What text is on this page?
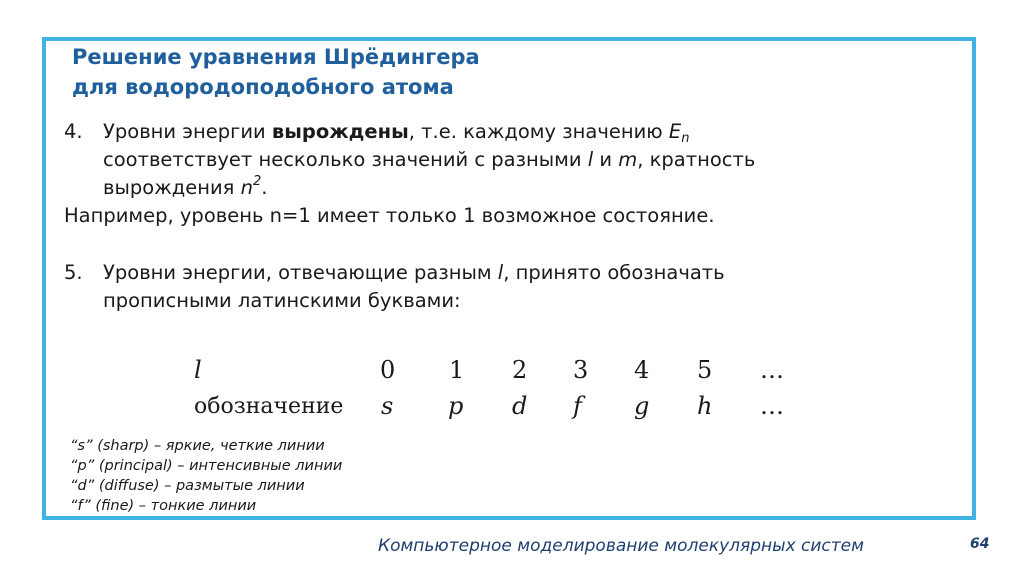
Решение уравнения Шрёдингера
для водородоподобного атома
4. Уровни энергии вырождены, т.е. каждому значению $E_n$
соответствует несколько значений с разными l и m, кратность
вырождения $n^2$.
Например, уровень n=1 имеет только 1 возможное состояние.
5. Уровни энергии, отвечающие разным l, принято обозначать
прописными латинскими буквами:
l	0 1 2 3 4 5 …
обозначение s p d f g h …
“s” (sharp) – яркие, четкие линии
“p” (principal) – интенсивные линии
“d” (diffuse) – размытые линии
“f” (fine) – тонкие линии
Компьютерное моделирование молекулярных систем	64
